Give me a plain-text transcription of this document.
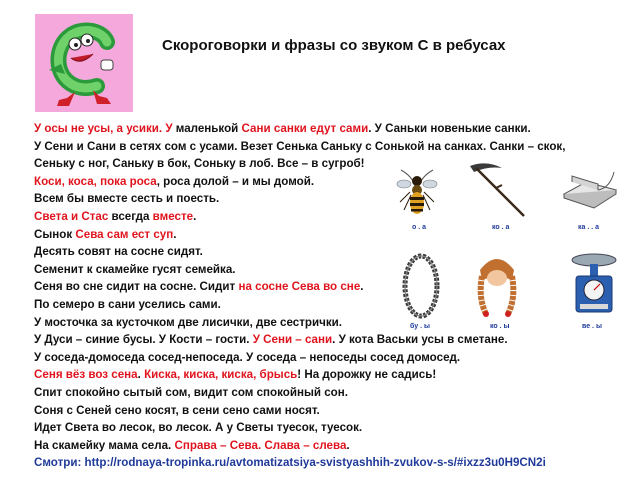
Скороговорки и фразы со звуком С в ребусах
У осы не усы, а усики. У маленькой Сани санки едут сами. У Саньки новенькие санки.
У Сени и Сани в сетях сом с усами. Везет Сенька Саньку с Сонькой на санках. Санки – скок,
Сеньку с ног, Саньку в бок, Соньку в лоб. Все – в сугроб!
Коси, коса, пока роса, роса долой – и мы домой.
Всем бы вместе сесть и поесть.
Света и Стас всегда вместе.
Сынок Сева сам ест суп.
Десять совят на сосне сидят.
Семенит к скамейке гусят семейка.
Сеня во сне сидит на сосне. Сидит на сосне Сева во сне.
По семеро в сани уселись сами.
У мосточка за кусточком две лисички, две сестрички.
У Дуси – синие бусы. У Кости – гости. У Сени – сани. У кота Васьки усы в сметане.
У соседа-домоседа сосед-непоседа. У соседа – непоседы сосед домосед.
Сеня вёз воз сена. Киска, киска, киска, брысь! На дорожку не садись!
Спит спокойно сытый сом, видит сом спокойный сон.
Соня с Сеней сено косят, в сени сено сами носят.
Идет Света во лесок, во лесок. А у Светы туесок, туесок.
На скамейку мама села. Справа – Сева. Слава – слева.
Смотри: http://rodnaya-tropinka.ru/avtomatizatsiya-svistyashhih-zvukov-s-s/#ixzz3u0H9CN2i
о . а	ко . а	ка . . а
бу . ы	ко . ы	ве . ы
